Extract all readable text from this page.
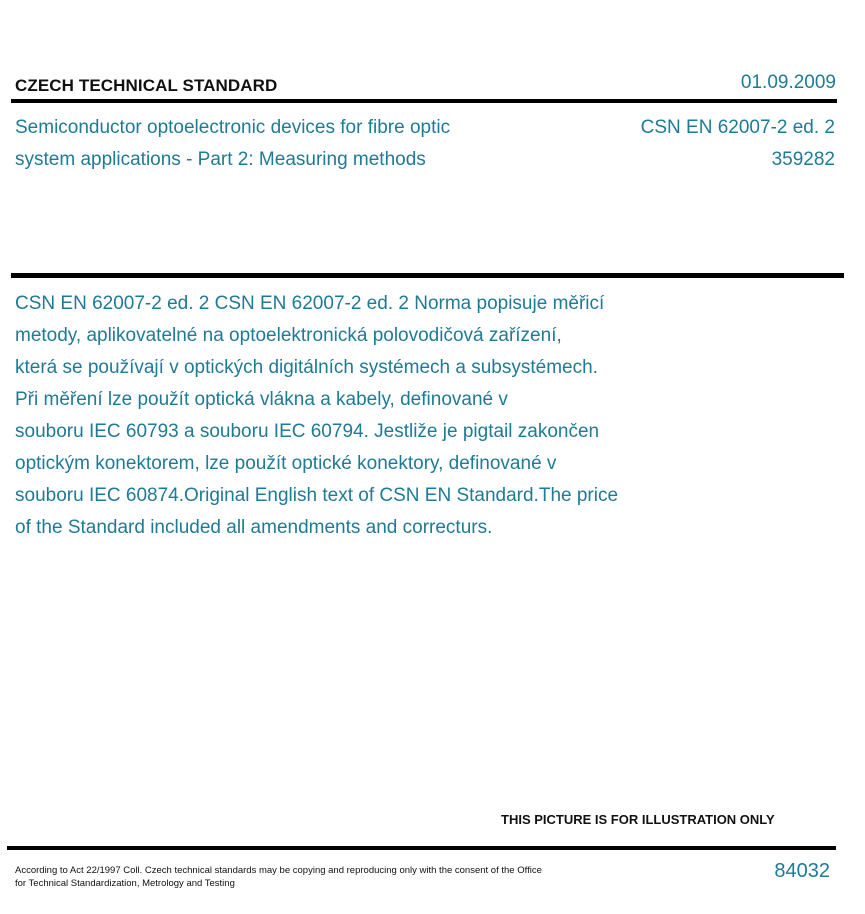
CZECH TECHNICAL STANDARD	01.09.2009
Semiconductor optoelectronic devices for fibre optic
system applications - Part 2: Measuring methods
CSN EN 62007-2 ed. 2
359282
CSN EN 62007-2 ed. 2 CSN EN 62007-2 ed. 2 Norma popisuje měřicí
metody, aplikovatelné na optoelektronická polovodičová zařízení,
která se používají v optických digitálních systémech a subsystémech.
Při měření lze použít optická vlákna a kabely, definované v
souboru IEC 60793 a souboru IEC 60794. Jestliže je pigtail zakončen
optickým konektorem, lze použít optické konektory, definované v
souboru IEC 60874.Original English text of CSN EN Standard.The price
of the Standard included all amendments and correcturs.
THIS PICTURE IS FOR ILLUSTRATION ONLY
According to Act 22/1997 Coll. Czech technical standards may be copying and reproducing only with the consent of the Office
for Technical Standardization, Metrology and Testing
84032
